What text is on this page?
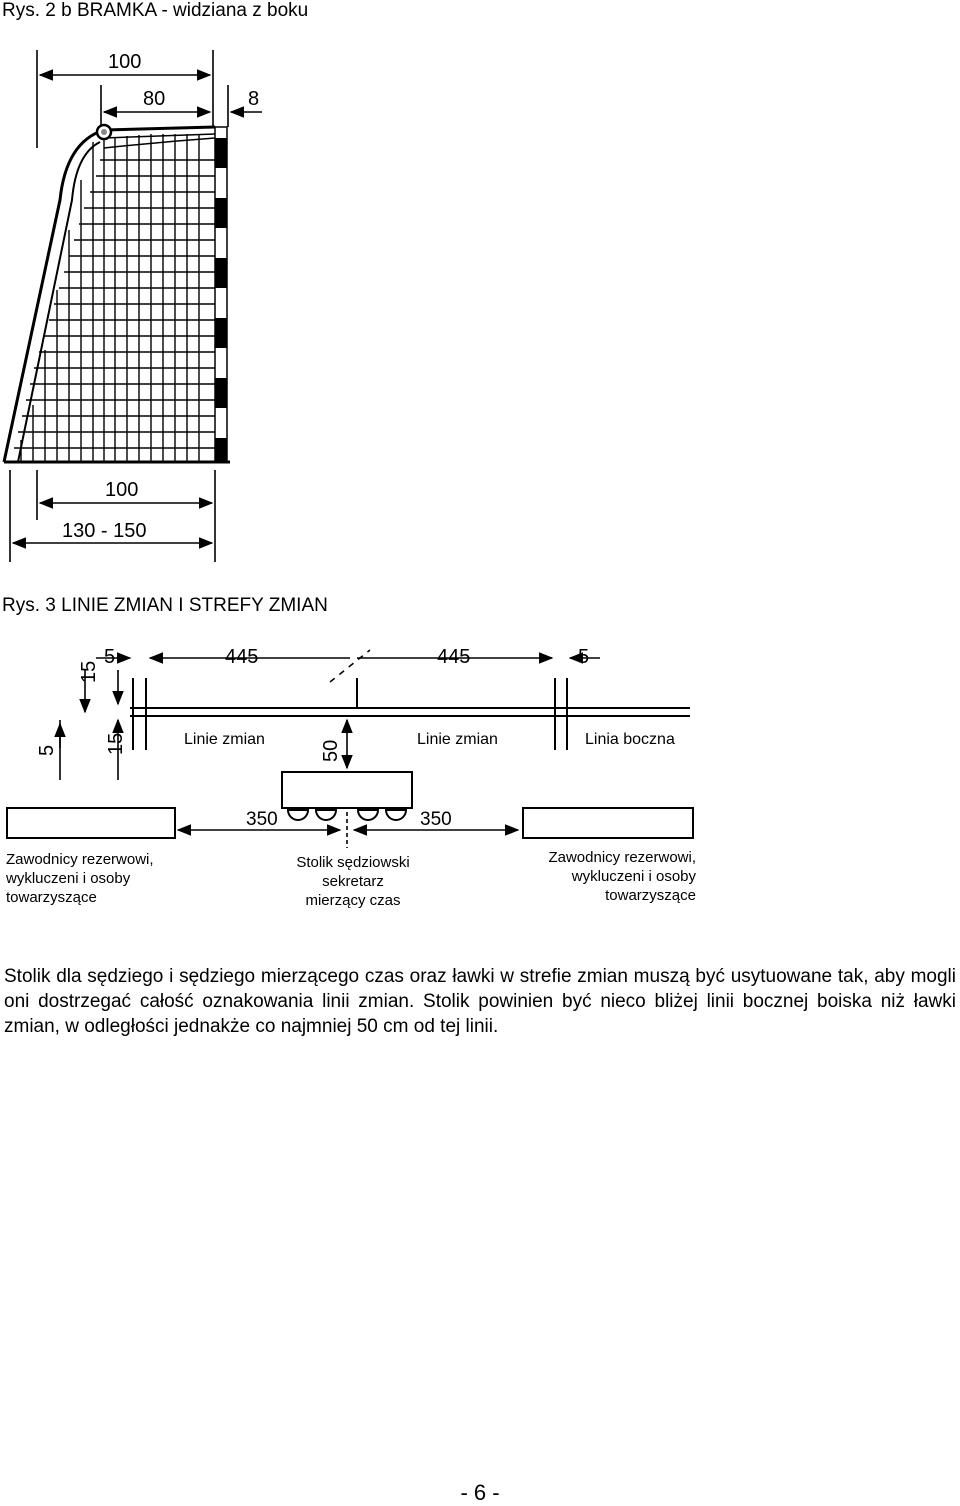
Rys. 2 b BRAMKA - widziana z boku
100
80	8
100
130 - 150
Rys. 3 LINIE ZMIAN I STREFY ZMIAN
5	445	445	5
15
5 15	50
Linie zmian	Linie zmian	Linia boczna
350	350
Zawodnicy rezerwowi,
wykluczeni i osoby
towarzyszące
Stolik sędziowski
sekretarz
mierzący czas
Zawodnicy rezerwowi,
wykluczeni i osoby
towarzyszące
Stolik dla sędziego i sędziego mierzącego czas oraz ławki w strefie zmian muszą być usytuowane tak, aby mogli oni dostrzegać całość oznakowania linii zmian. Stolik powinien być nieco bliżej linii bocznej boiska niż ławki zmian, w odległości jednakże co najmniej 50 cm od tej linii.
- 6 -
